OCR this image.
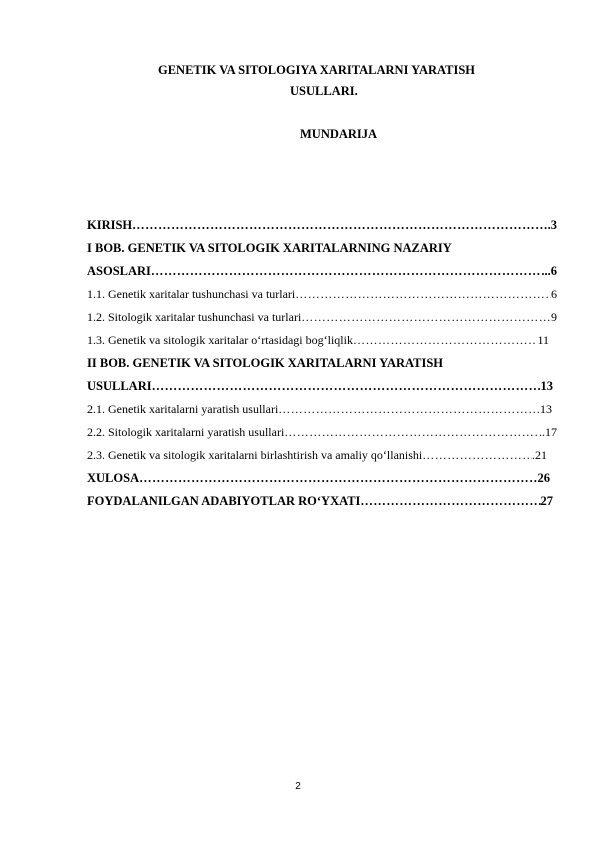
GENETIK VA SITOLOGIYA XARITALARNI YARATISH
USULLARI.
MUNDARIJA
KIRISH ……………………………………………………………………………………………………………………………………………………………………………………	.3
I BOB. GENETIK VA SITOLOGIK XARITALARNING NAZARIY
ASOSLARI ……………………………………………………………………………………………………………………………………………………………………………………	...6
1.1. Genetik xaritalar tushunchasi va turlari ……………………………………………………………………………………………………………………………………………………………………………………	6
1.2. Sitologik xaritalar tushunchasi va turlari ……………………………………………………………………………………………………………………………………………………………………………………	9
1.3. Genetik va sitologik xaritalar o‘rtasidagi bog‘liqlik ……………………………………………………………………………………………………………………………………………………………………………………	11
II BOB. GENETIK VA SITOLOGIK XARITALARNI YARATISH
USULLARI ……………………………………………………………………………………………………………………………………………………………………………………	13
2.1. Genetik xaritalarni yaratish usullari ……………………………………………………………………………………………………………………………………………………………………………………	13
2.2. Sitologik xaritalarni yaratish usullari ……………………………………………………………………………………………………………………………………………………………………………………	..17
2.3. Genetik va sitologik xaritalarni birlashtirish va amaliy qo‘llanishi ……………………………………………………………………………………………………………………………………………………………………………………	.21
XULOSA ……………………………………………………………………………………………………………………………………………………………………………………	26
FOYDALANILGAN ADABIYOTLAR RO‘YXATI ……………………………………………………………………………………………………………………………………………………………………………………	27
2
